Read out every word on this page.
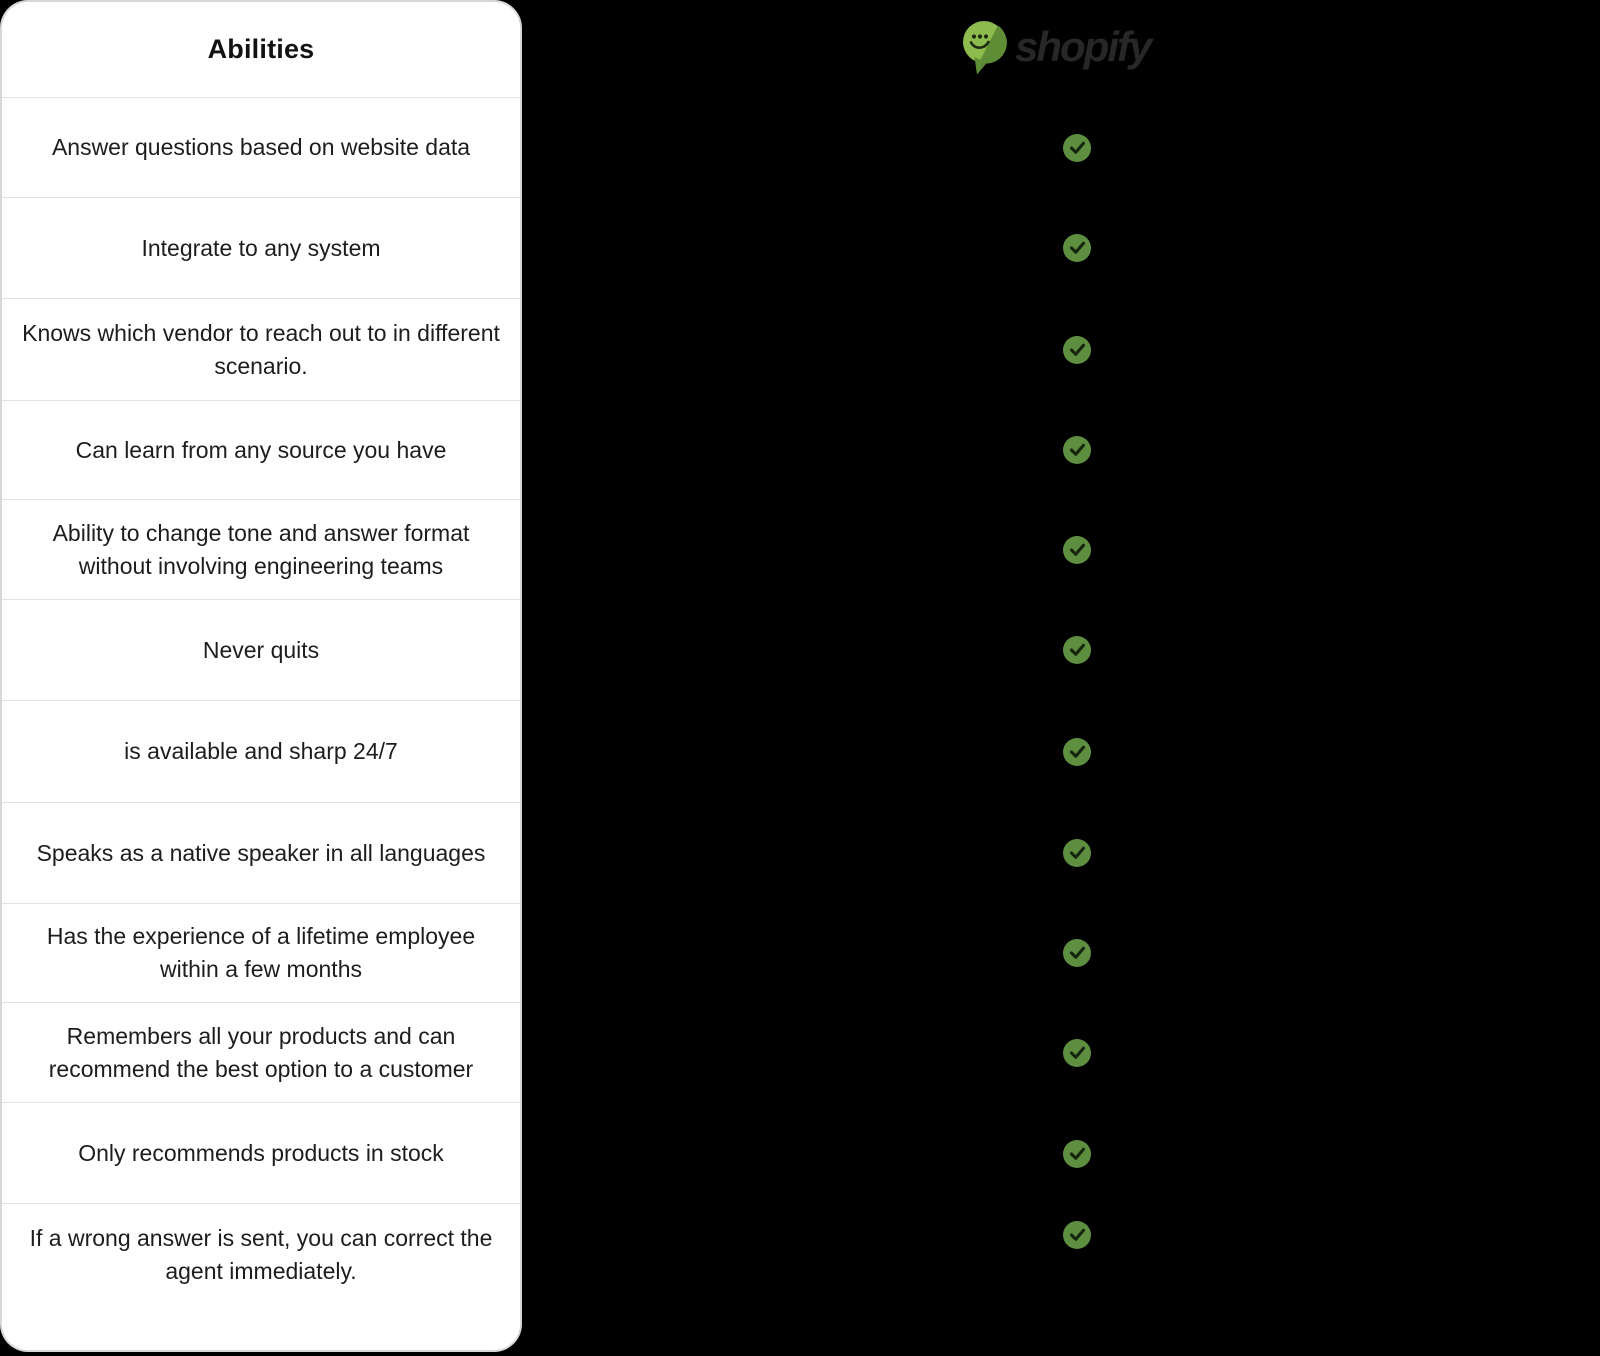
Abilities
Answer questions based on website data
Integrate to any system
Knows which vendor to reach out to in different scenario.
Can learn from any source you have
Ability to change tone and answer format without involving engineering teams
Never quits
is available and sharp 24/7
Speaks as a native speaker in all languages
Has the experience of a lifetime employee within a few months
Remembers all your products and can recommend the best option to a customer
Only recommends products in stock
If a wrong answer is sent, you can correct the agent immediately.
shopify
